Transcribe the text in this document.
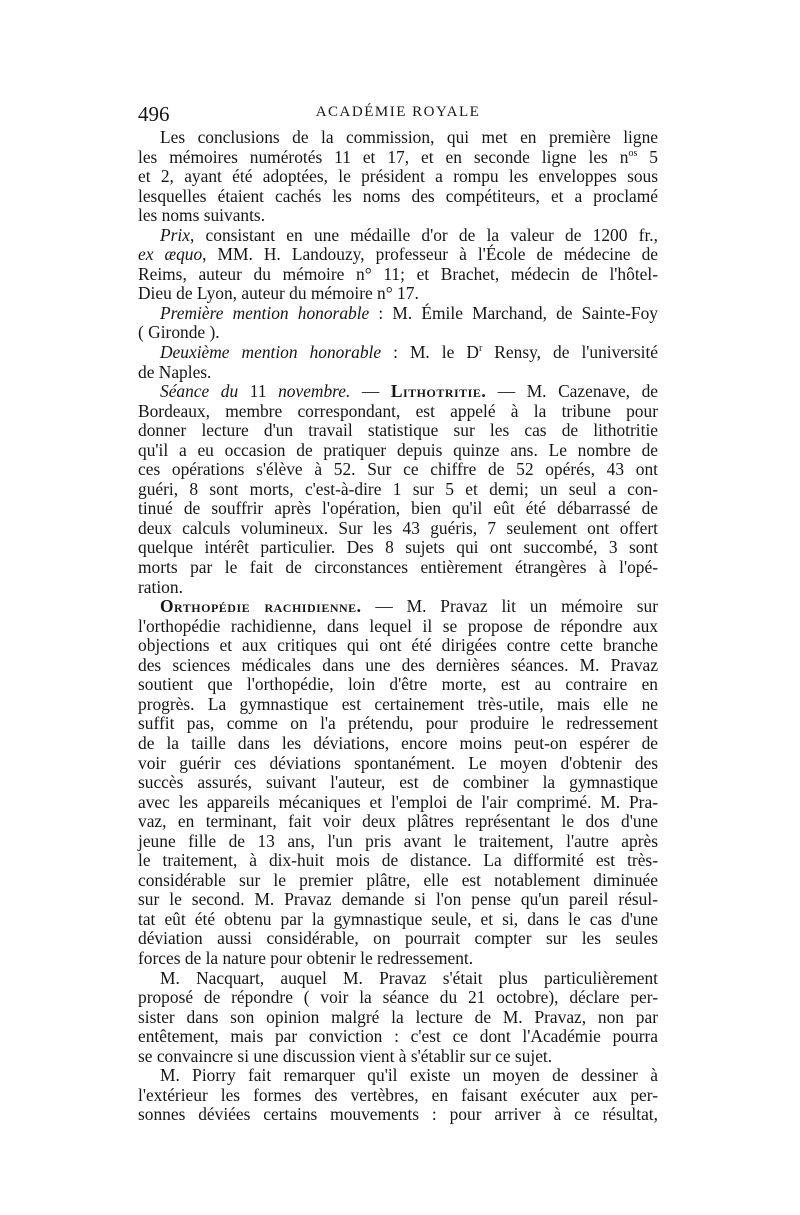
496	ACADÉMIE ROYALE
Les conclusions de la commission, qui met en première ligne
les mémoires numérotés 11 et 17, et en seconde ligne les $n^{os}$ 5
et 2, ayant été adoptées, le président a rompu les enveloppes sous
lesquelles étaient cachés les noms des compétiteurs, et a proclamé
les noms suivants.
Prix, consistant en une médaille d'or de la valeur de 1200 fr.,
ex æquo, MM. H. Landouzy, professeur à l'École de médecine de
Reims, auteur du mémoire n° 11; et Brachet, médecin de l'hôtel-
Dieu de Lyon, auteur du mémoire n° 17.
Première mention honorable : M. Émile Marchand, de Sainte-Foy
( Gironde ).
Deuxième mention honorable : M. le $D^r$ Rensy, de l'université
de Naples.
Séance du 11 novembre. — Lithotritie. — M. Cazenave, de
Bordeaux, membre correspondant, est appelé à la tribune pour
donner lecture d'un travail statistique sur les cas de lithotritie
qu'il a eu occasion de pratiquer depuis quinze ans. Le nombre de
ces opérations s'élève à 52. Sur ce chiffre de 52 opérés, 43 ont
guéri, 8 sont morts, c'est-à-dire 1 sur 5 et demi; un seul a con-
tinué de souffrir après l'opération, bien qu'il eût été débarrassé de
deux calculs volumineux. Sur les 43 guéris, 7 seulement ont offert
quelque intérêt particulier. Des 8 sujets qui ont succombé, 3 sont
morts par le fait de circonstances entièrement étrangères à l'opé-
ration.
Orthopédie rachidienne. — M. Pravaz lit un mémoire sur
l'orthopédie rachidienne, dans lequel il se propose de répondre aux
objections et aux critiques qui ont été dirigées contre cette branche
des sciences médicales dans une des dernières séances. M. Pravaz
soutient que l'orthopédie, loin d'être morte, est au contraire en
progrès. La gymnastique est certainement très-utile, mais elle ne
suffit pas, comme on l'a prétendu, pour produire le redressement
de la taille dans les déviations, encore moins peut-on espérer de
voir guérir ces déviations spontanément. Le moyen d'obtenir des
succès assurés, suivant l'auteur, est de combiner la gymnastique
avec les appareils mécaniques et l'emploi de l'air comprimé. M. Pra-
vaz, en terminant, fait voir deux plâtres représentant le dos d'une
jeune fille de 13 ans, l'un pris avant le traitement, l'autre après
le traitement, à dix-huit mois de distance. La difformité est très-
considérable sur le premier plâtre, elle est notablement diminuée
sur le second. M. Pravaz demande si l'on pense qu'un pareil résul-
tat eût été obtenu par la gymnastique seule, et si, dans le cas d'une
déviation aussi considérable, on pourrait compter sur les seules
forces de la nature pour obtenir le redressement.
M. Nacquart, auquel M. Pravaz s'était plus particulièrement
proposé de répondre ( voir la séance du 21 octobre), déclare per-
sister dans son opinion malgré la lecture de M. Pravaz, non par
entêtement, mais par conviction : c'est ce dont l'Académie pourra
se convaincre si une discussion vient à s'établir sur ce sujet.
M. Piorry fait remarquer qu'il existe un moyen de dessiner à
l'extérieur les formes des vertèbres, en faisant exécuter aux per-
sonnes déviées certains mouvements : pour arriver à ce résultat,
